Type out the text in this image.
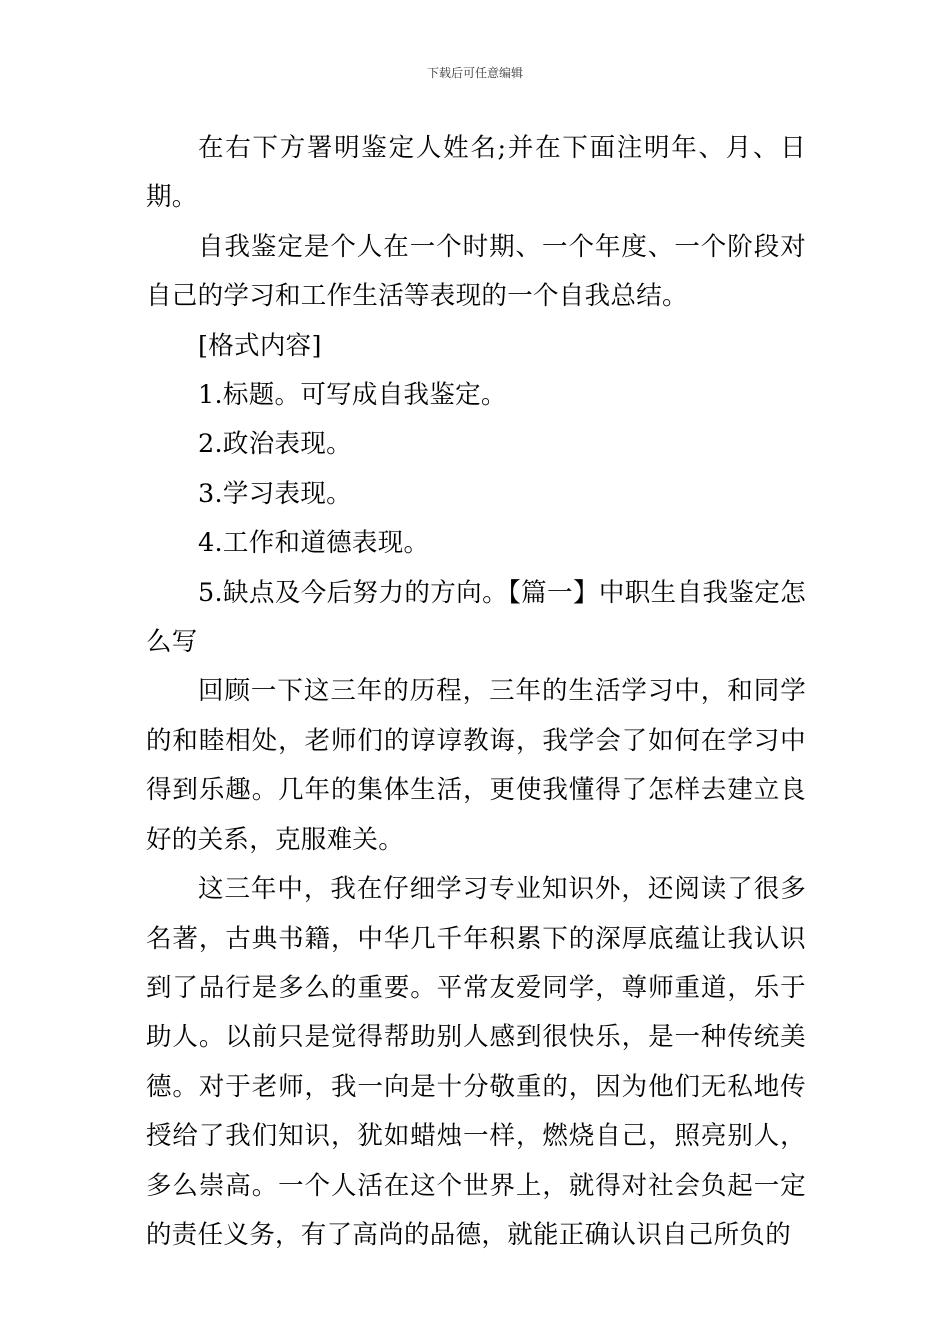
下载后可任意编辑

在右下方署明鉴定人姓名;并在下面注明年、月、日期。

自我鉴定是个人在一个时期、一个年度、一个阶段对自己的学习和工作生活等表现的一个自我总结。

[格式内容]

1.标题。可写成自我鉴定。

2.政治表现。

3.学习表现。

4.工作和道德表现。

5.缺点及今后努力的方向。【篇一】中职生自我鉴定怎么写

回顾一下这三年的历程，三年的生活学习中，和同学的和睦相处，老师们的谆谆教诲，我学会了如何在学习中得到乐趣。几年的集体生活，更使我懂得了怎样去建立良好的关系，克服难关。

这三年中，我在仔细学习专业知识外，还阅读了很多名著，古典书籍，中华几千年积累下的深厚底蕴让我认识到了品行是多么的重要。平常友爱同学，尊师重道，乐于助人。以前只是觉得帮助别人感到很快乐，是一种传统美德。对于老师，我一向是十分敬重的，因为他们无私地传授给了我们知识，犹如蜡烛一样，燃烧自己，照亮别人，多么崇高。一个人活在这个世界上，就得对社会负起一定的责任义务，有了高尚的品德，就能正确认识自己所负的
